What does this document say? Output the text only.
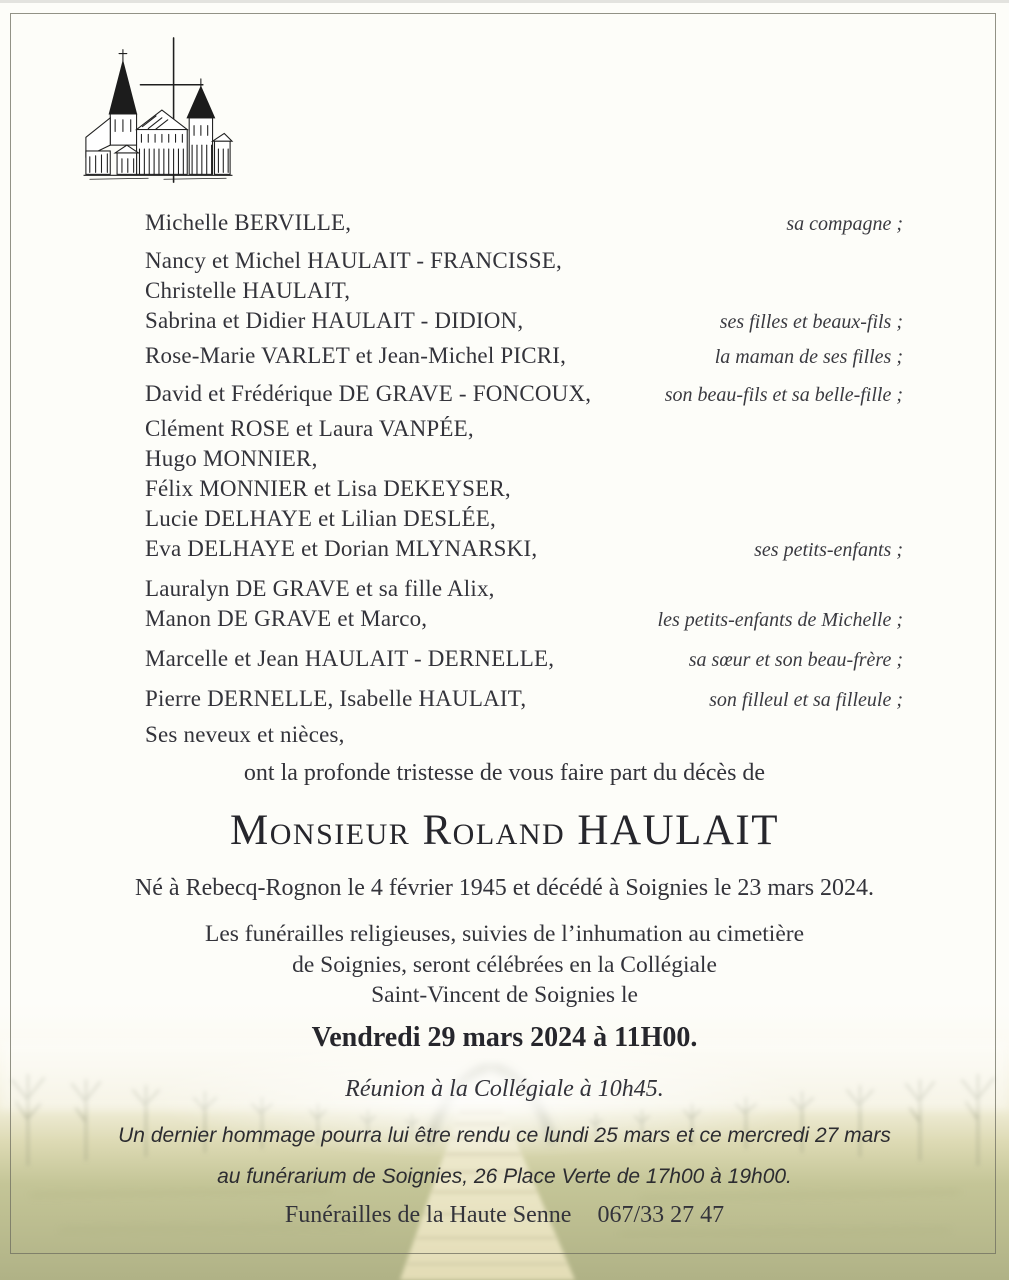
Michelle BERVILLE,	sa compagne ;
Nancy et Michel HAULAIT - FRANCISSE,
Christelle HAULAIT,
Sabrina et Didier HAULAIT - DIDION,	ses filles et beaux-fils ;
Rose-Marie VARLET et Jean-Michel PICRI,	la maman de ses filles ;
David et Frédérique DE GRAVE - FONCOUX,	son beau-fils et sa belle-fille ;
Clément ROSE et Laura VANPÉE,
Hugo MONNIER,
Félix MONNIER et Lisa DEKEYSER,
Lucie DELHAYE et Lilian DESLÉE,
Eva DELHAYE et Dorian MLYNARSKI,	ses petits-enfants ;
Lauralyn DE GRAVE et sa fille Alix,
Manon DE GRAVE et Marco,	les petits-enfants de Michelle ;
Marcelle et Jean HAULAIT - DERNELLE,	sa sœur et son beau-frère ;
Pierre DERNELLE, Isabelle HAULAIT,	son filleul et sa filleule ;
Ses neveux et nièces,
ont la profonde tristesse de vous faire part du décès de
Monsieur Roland HAULAIT
Né à Rebecq-Rognon le 4 février 1945 et décédé à Soignies le 23 mars 2024.
Les funérailles religieuses, suivies de l’inhumation au cimetière
de Soignies, seront célébrées en la Collégiale
Saint-Vincent de Soignies le
Vendredi 29 mars 2024 à 11H00.
Réunion à la Collégiale à 10h45.
Un dernier hommage pourra lui être rendu ce lundi 25 mars et ce mercredi 27 mars
au funérarium de Soignies, 26 Place Verte de 17h00 à 19h00.
Funérailles de la Haute Senne 067/33 27 47
